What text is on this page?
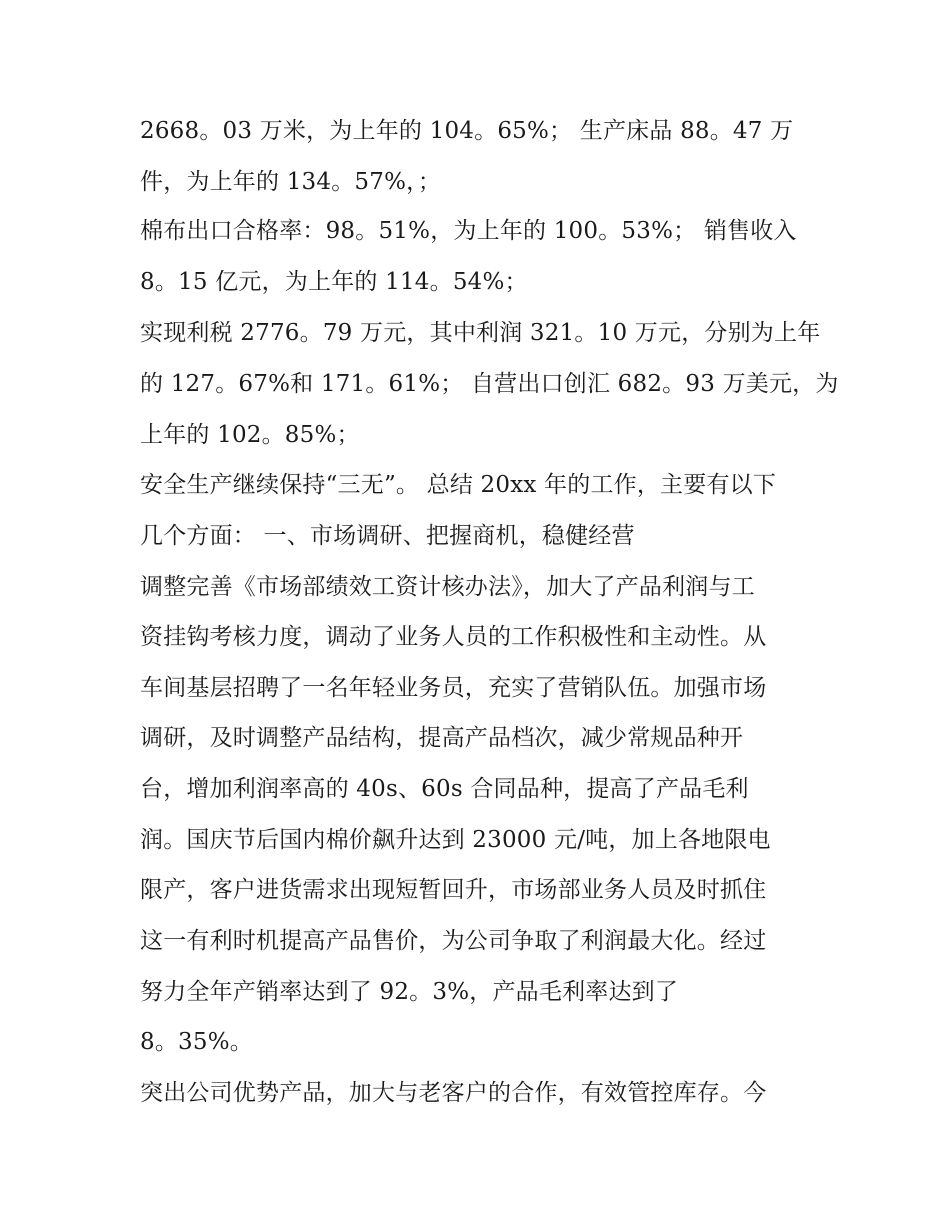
2668。03 万米，为上年的 104。65%； 生产床品 88。47 万

件，为上年的 134。57%，；

棉布出口合格率：98。51%，为上年的 100。53%； 销售收入

8。15 亿元，为上年的 114。54%；

实现利税 2776。79 万元，其中利润 321。10 万元，分别为上年

的 127。67%和 171。61%； 自营出口创汇 682。93 万美元，为

上年的 102。85%；

安全生产继续保持“三无”。 总结 20xx 年的工作，主要有以下

几个方面： 一、市场调研、把握商机，稳健经营

调整完善《市场部绩效工资计核办法》，加大了产品利润与工

资挂钩考核力度，调动了业务人员的工作积极性和主动性。从

车间基层招聘了一名年轻业务员，充实了营销队伍。加强市场

调研，及时调整产品结构，提高产品档次，减少常规品种开

台，增加利润率高的 40s、60s 合同品种，提高了产品毛利

润。国庆节后国内棉价飙升达到 23000 元/吨，加上各地限电

限产，客户进货需求出现短暂回升，市场部业务人员及时抓住

这一有利时机提高产品售价，为公司争取了利润最大化。经过

努力全年产销率达到了 92。3%，产品毛利率达到了

8。35%。

突出公司优势产品，加大与老客户的合作，有效管控库存。今
